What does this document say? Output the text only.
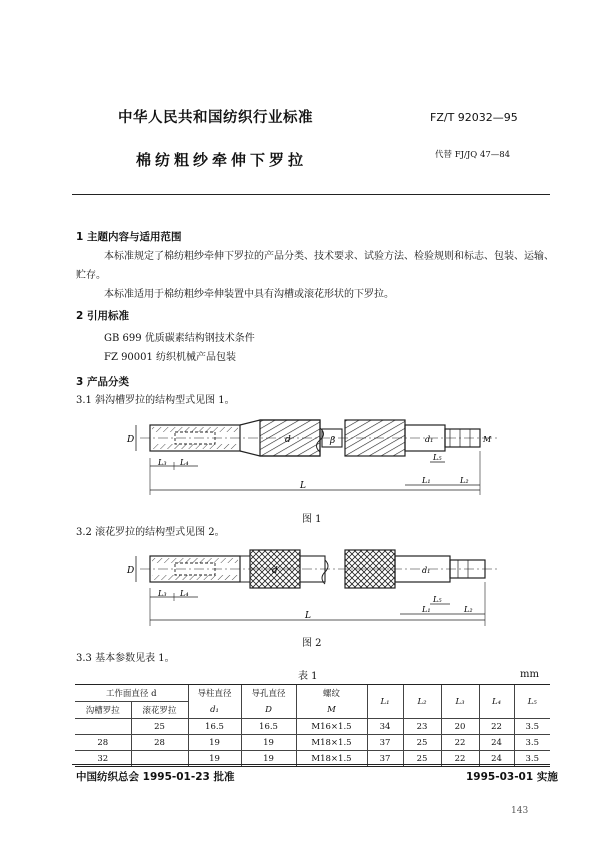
中华人民共和国纺织行业标准	FZ/T 92032—95
棉纺粗纱牵伸下罗拉	代替 FJ/JQ 47—84
1 主题内容与适用范围
本标准规定了棉纺粗纱牵伸下罗拉的产品分类、技术要求、试验方法、检验规则和标志、包装、运输、
贮存。
本标准适用于棉纺粗纱牵伸装置中具有沟槽或滚花形状的下罗拉。
2 引用标准
GB 699 优质碳素结构钢技术条件
FZ 90001 纺织机械产品包装
3 产品分类
3.1 斜沟槽罗拉的结构型式见图 1。
D
L₃ L₄
d	β	d₁	M
L₅
L
L₁	L₂
图 1
3.2 滚花罗拉的结构型式见图 2。
D
L₃ L₄
d	d₁
L₅
L
L₁	L₂
图 2
3.3 基本参数见表 1。
表 1	mm
工作面直径 d		导柱直径	导孔直径	螺纹	L₁	L₂	L₃	L₄	L₅
沟槽罗拉	滚花罗拉	d₁	D	M					
	25	16.5	16.5	M16×1.5	34	23	20	22	3.5
28	28	19	19	M18×1.5	37	25	22	24	3.5
32		19	19	M18×1.5	37	25	22	24	3.5
中国纺织总会 1995-01-23 批准	1995-03-01 实施
143
